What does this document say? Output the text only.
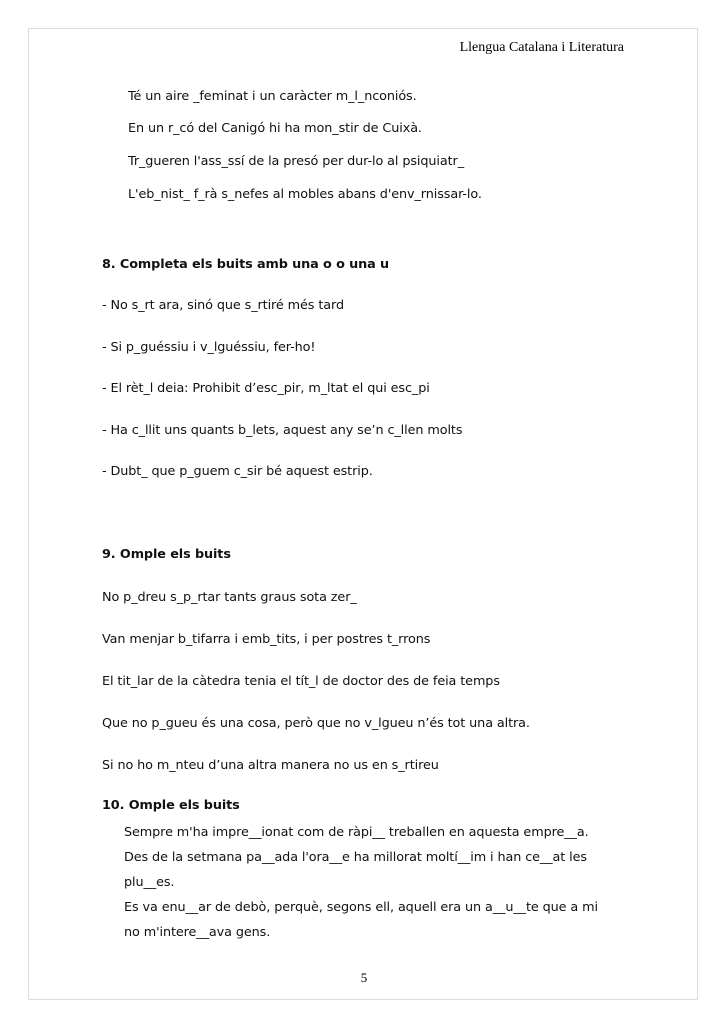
Llengua Catalana i Literatura
Té un aire _feminat i un caràcter m_l_nconiós.
En un r_có del Canigó hi ha mon_stir de Cuixà.
Tr_gueren l'ass_ssí de la presó per dur-lo al psiquiatr_
L'eb_nist_ f_rà s_nefes al mobles abans d'env_rnissar-lo.
8. Completa els buits amb una o o una u
- No s_rt ara, sinó que s_rtiré més tard
- Si p_guéssiu i v_lguéssiu, fer-ho!
- El rèt_l deia: Prohibit d’esc_pir, m_ltat el qui esc_pi
- Ha c_llit uns quants b_lets, aquest any se’n c_llen molts
- Dubt_ que p_guem c_sir bé aquest estrip.
9. Omple els buits
No p_dreu s_p_rtar tants graus sota zer_
Van menjar b_tifarra i emb_tits, i per postres t_rrons
El tit_lar de la càtedra tenia el tít_l de doctor des de feia temps
Que no p_gueu és una cosa, però que no v_lgueu n’és tot una altra.
Si no ho m_nteu d’una altra manera no us en s_rtireu
10. Omple els buits
Sempre m'ha impre__ionat com de ràpi__ treballen en aquesta empre__a.
Des de la setmana pa__ada l'ora__e ha millorat moltí__im i han ce__at les
plu__es.
Es va enu__ar de debò, perquè, segons ell, aquell era un a__u__te que a mi
no m'intere__ava gens.
5
